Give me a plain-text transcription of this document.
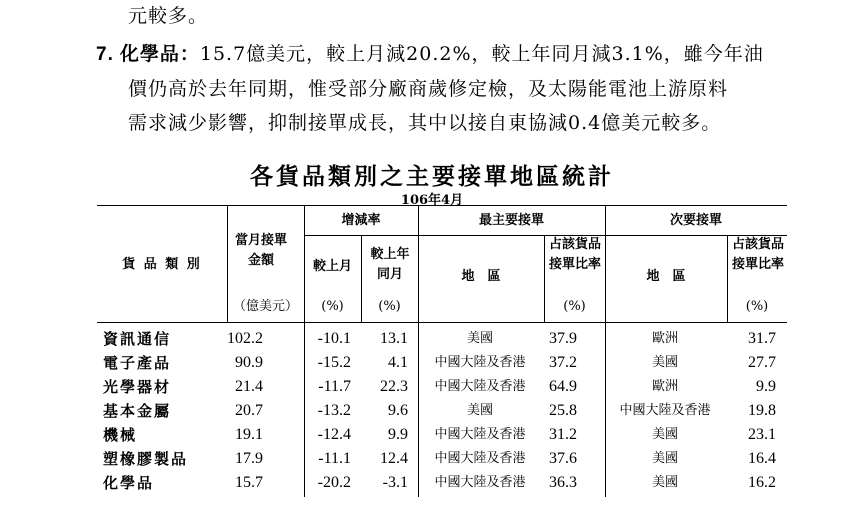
元較多。
7. 化學品：15.7億美元，較上月減20.2%，較上年同月減3.1%，雖今年油
價仍高於去年同期，惟受部分廠商歲修定檢，及太陽能電池上游原料
需求減少影響，抑制接單成長，其中以接自東協減0.4億美元較多。
各貨品類別之主要接單地區統計
106年4月
貨 品 類 別
當月接單金額
（億美元）
增減率
較上月
較上年同月
(%)	(%)
最主要接單
地　區
占該貨品接單比率
(%)
次要接單
地　區
占該貨品接單比率
(%)
資訊通信	102.2	-10.1 13.1	美國	37.9	歐洲	31.7
電子產品	90.9	-15.2 4.1	中國大陸及香港	37.2	美國	27.7
光學器材	21.4	-11.7 22.3	中國大陸及香港	64.9	歐洲	9.9
基本金屬	20.7	-13.2 9.6	美國	25.8	中國大陸及香港	19.8
機械	19.1	-12.4 9.9	中國大陸及香港	31.2	美國	23.1
塑橡膠製品	17.9	-11.1 12.4	中國大陸及香港	37.6	美國	16.4
化學品	15.7	-20.2 -3.1	中國大陸及香港	36.3	美國	16.2
